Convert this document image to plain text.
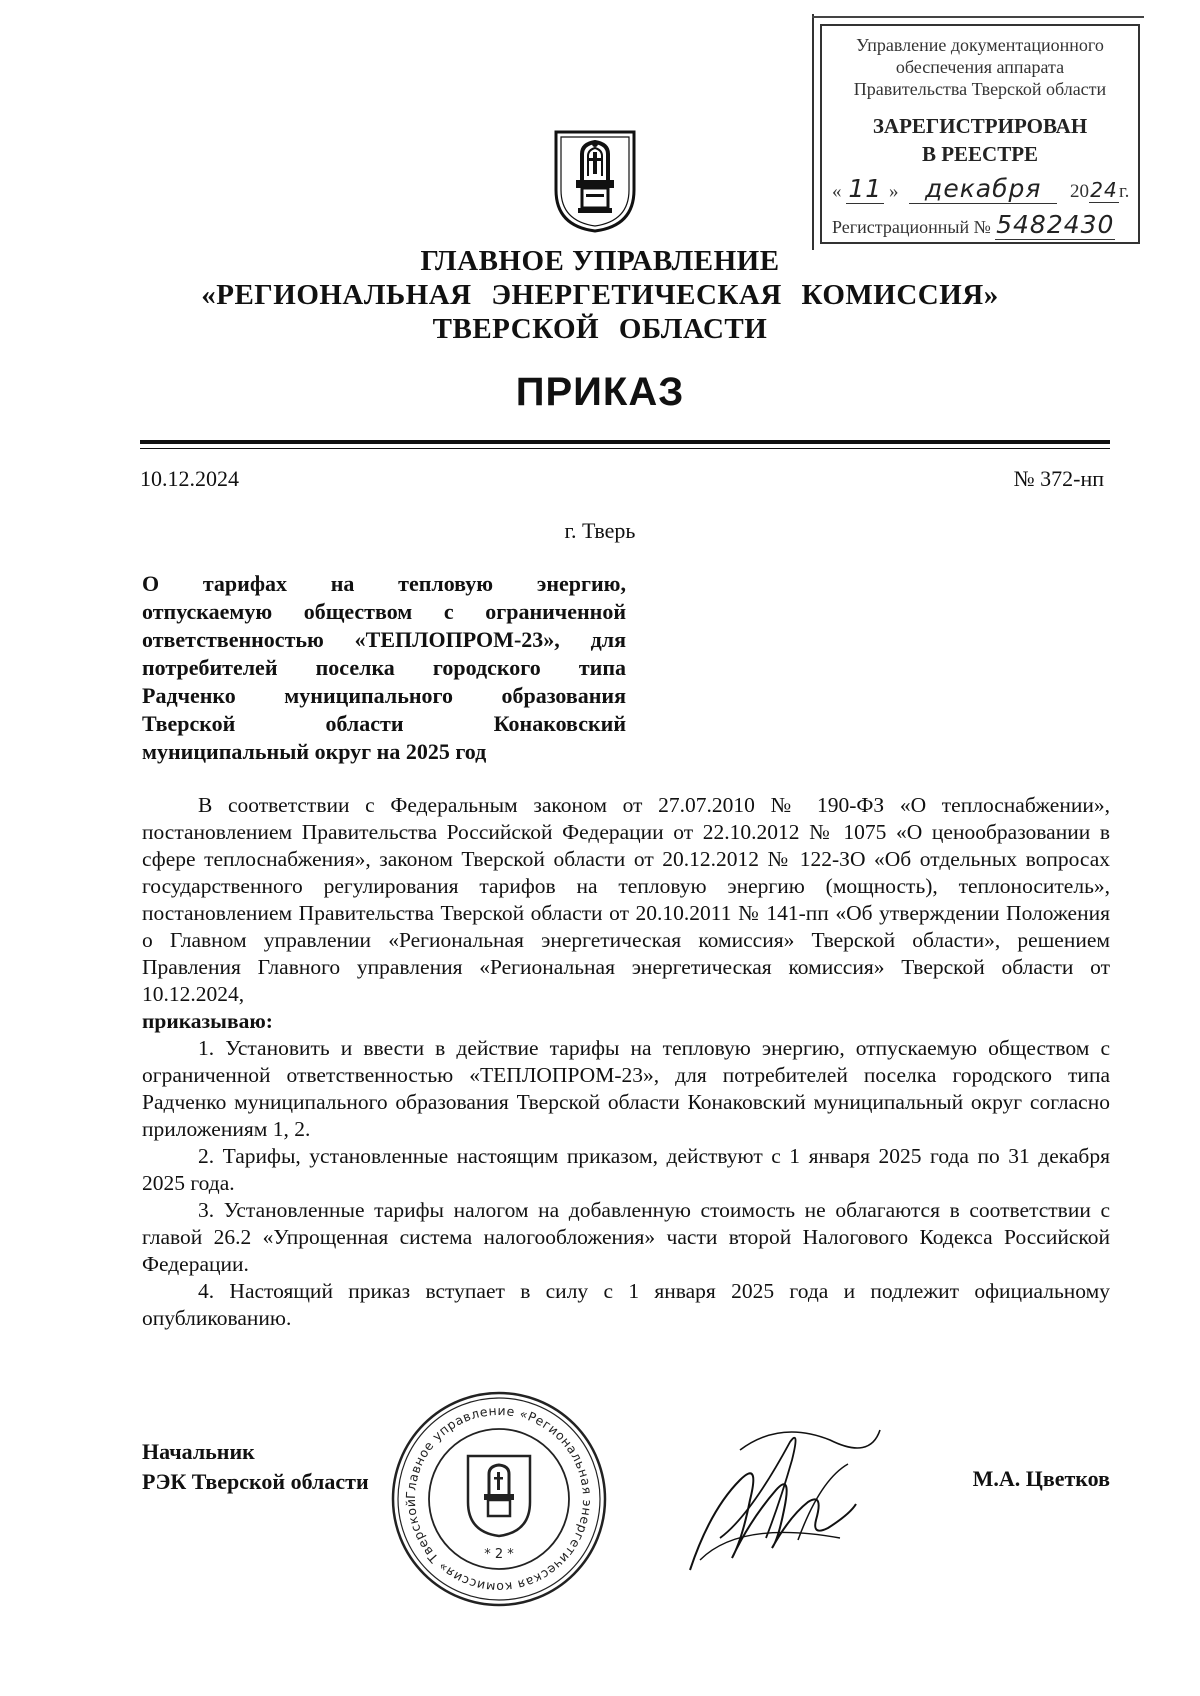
Управление документационного
обеспечения аппарата
Правительства Тверской области
ЗАРЕГИСТРИРОВАН
В РЕЕСТРЕ
« 11 » декабря 2024г.
Регистрационный № 5482430
ГЛАВНОЕ УПРАВЛЕНИЕ
«РЕГИОНАЛЬНАЯ ЭНЕРГЕТИЧЕСКАЯ КОМИССИЯ»
ТВЕРСКОЙ ОБЛАСТИ
ПРИКАЗ
10.12.2024	№ 372-нп
г. Тверь
О тарифах на тепловую энергию,
отпускаемую обществом с ограниченной
ответственностью «ТЕПЛОПРОМ-23», для
потребителей поселка городского типа
Радченко муниципального образования
Тверской области Конаковский
муниципальный округ на 2025 год

В соответствии с Федеральным законом от 27.07.2010 № 190-ФЗ «О теплоснабжении», постановлением Правительства Российской Федерации от 22.10.2012 № 1075 «О ценообразовании в сфере теплоснабжения», законом Тверской области от 20.12.2012 № 122-ЗО «Об отдельных вопросах государственного регулирования тарифов на тепловую энергию (мощность), теплоноситель», постановлением Правительства Тверской области от 20.10.2011 № 141-пп «Об утверждении Положения о Главном управлении «Региональная энергетическая комиссия» Тверской области», решением Правления Главного управления «Региональная энергетическая комиссия» Тверской области от 10.12.2024,

приказываю:

1. Установить и ввести в действие тарифы на тепловую энергию, отпускаемую обществом с ограниченной ответственностью «ТЕПЛОПРОМ-23», для потребителей поселка городского типа Радченко муниципального образования Тверской области Конаковский муниципальный округ согласно приложениям 1, 2.

2. Тарифы, установленные настоящим приказом, действуют с 1 января 2025 года по 31 декабря 2025 года.

3. Установленные тарифы налогом на добавленную стоимость не облагаются в соответствии с главой 26.2 «Упрощенная система налогообложения» части второй Налогового Кодекса Российской Федерации.

4. Настоящий приказ вступает в силу с 1 января 2025 года и подлежит официальному опубликованию.

Начальник
РЭК Тверской области	М.А. Цветков
Главное управление «Региональная энергетическая комиссия» Тверской
* 2 *
